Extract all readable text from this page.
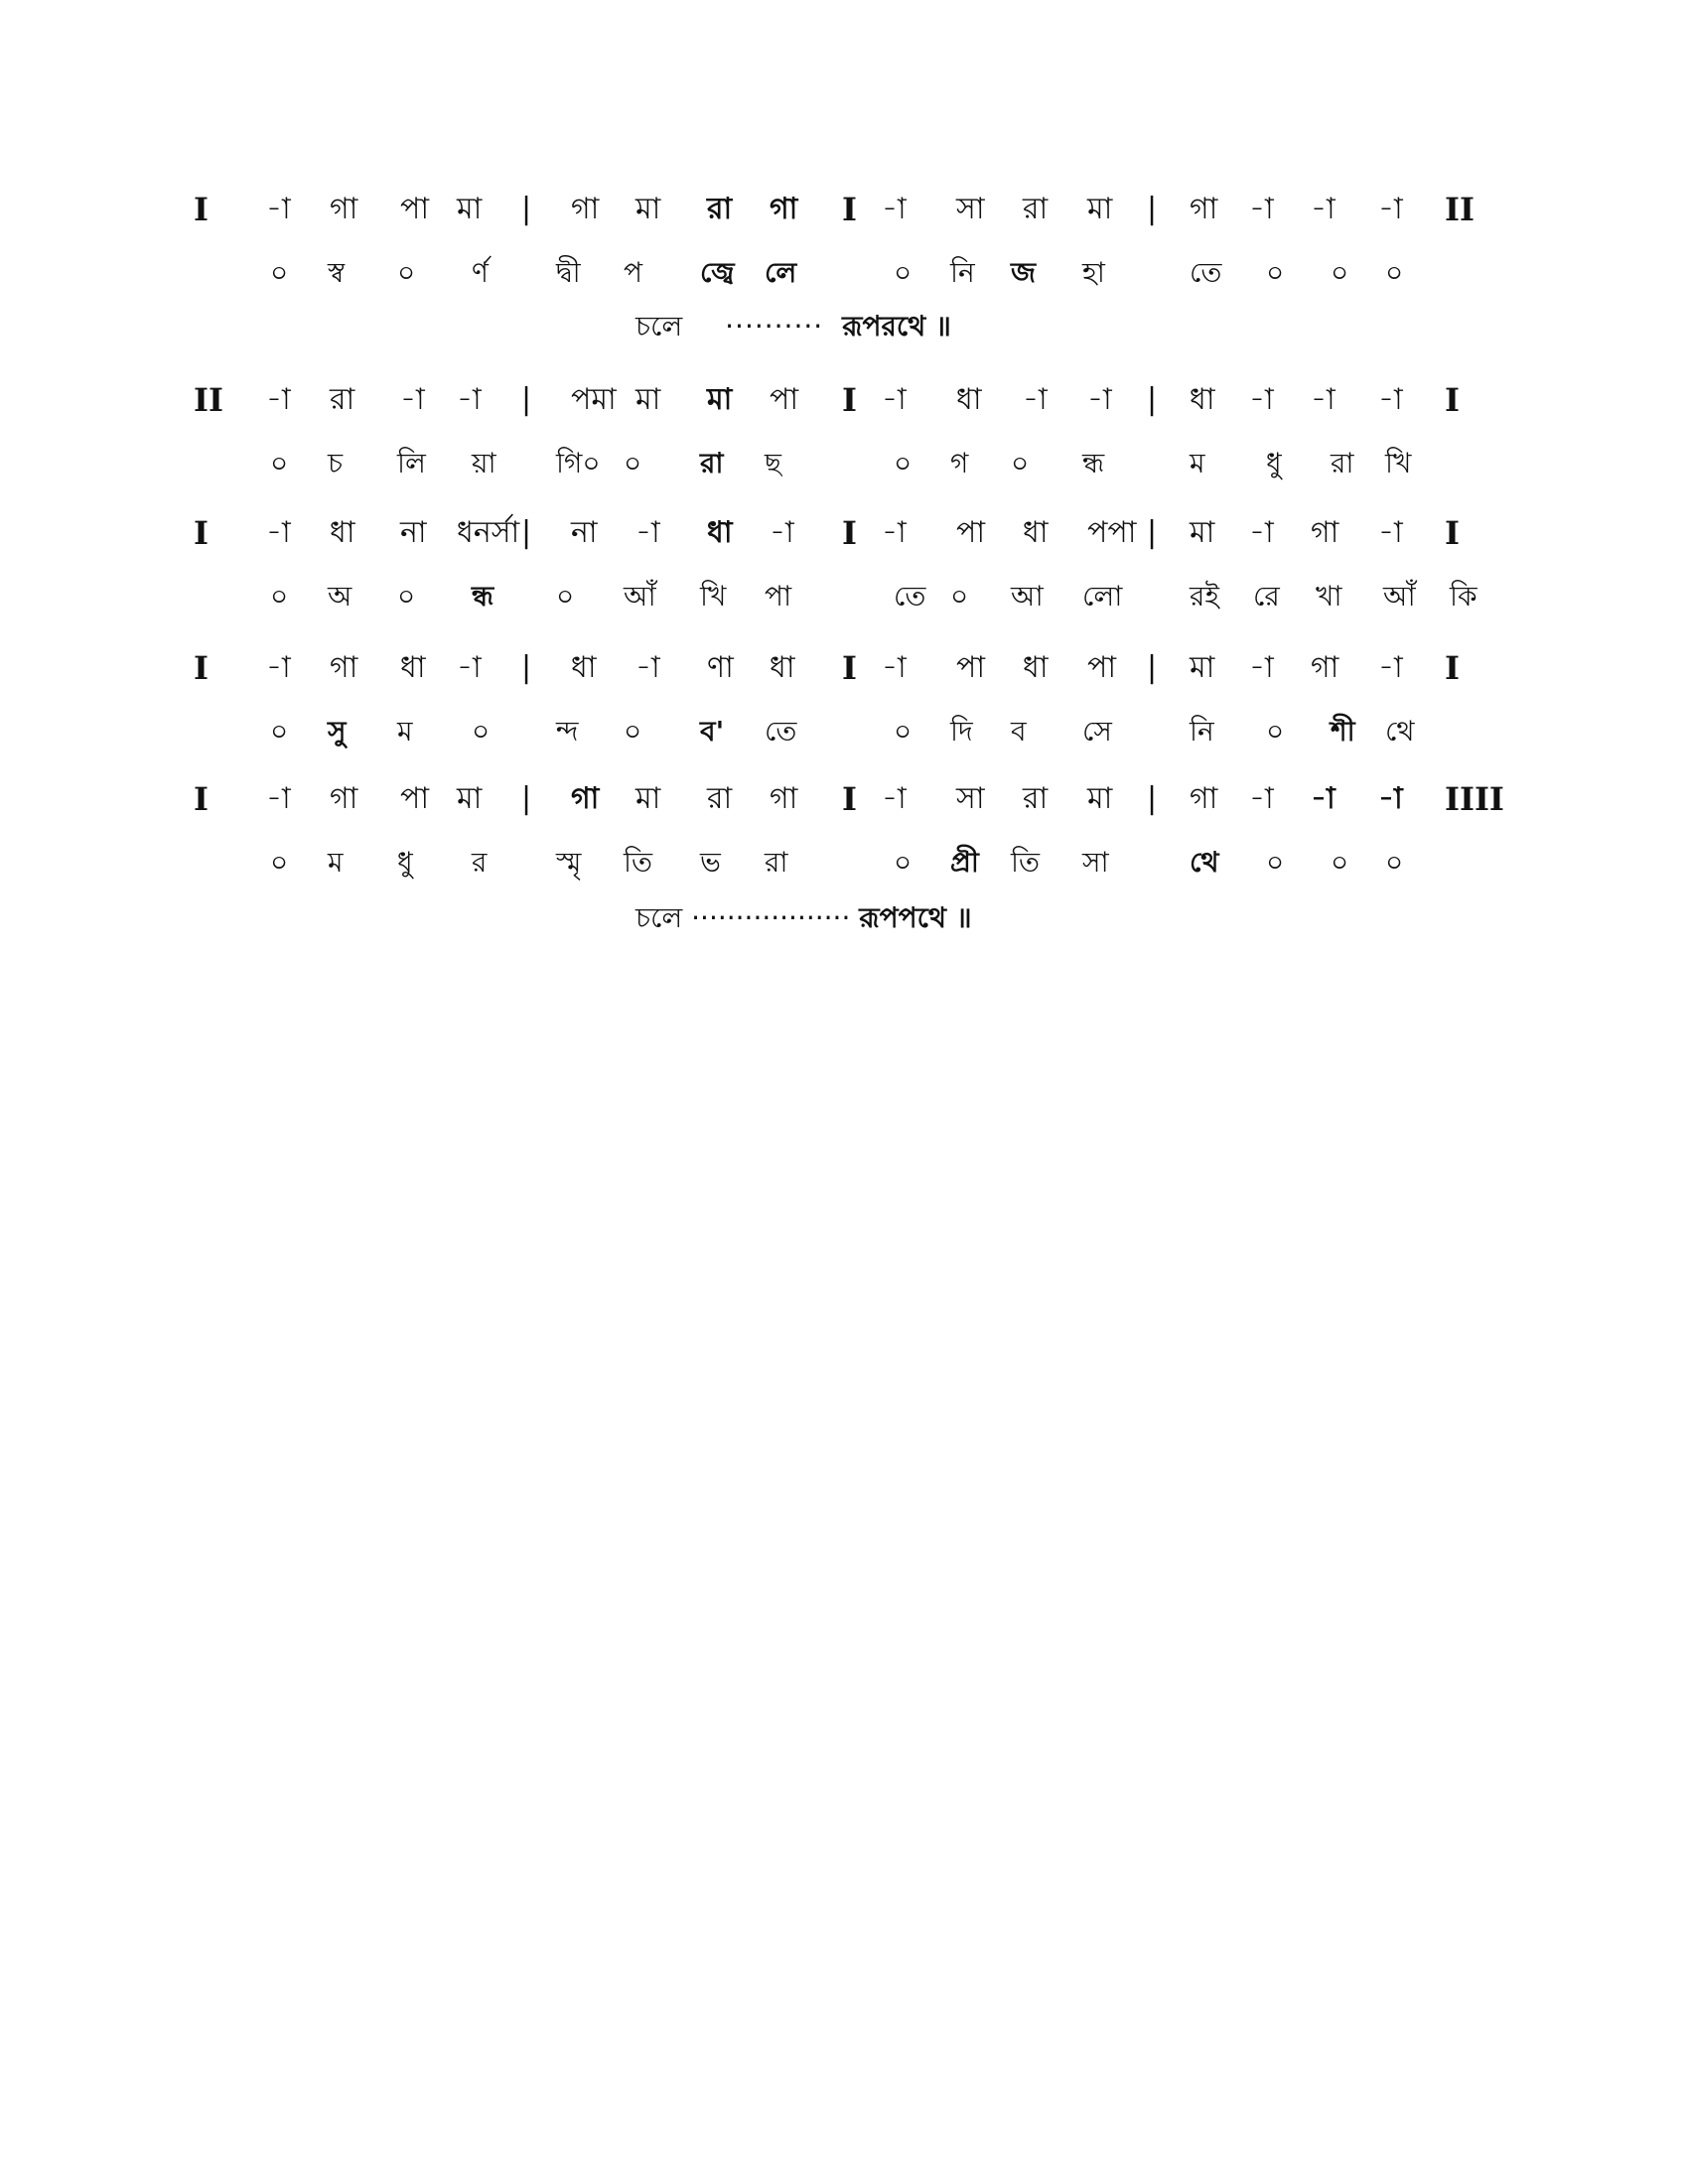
I -া গা পা মা | গা মা রা গা I -া সা রা মা | গা -া -া -া II
০ স্ব ০ র্ণ দ্বী প জ্বে লে	০ নি জ হা	তে ০ ০ ০
II -া রা -া -া | পমা মা মা পা I -া ধা -া -া | ধা -া -া -া I
০ চ লি য়া গি০ ০ রা ছ	০ গ ০ ন্ধ	ম ধু রা খি
I -া ধা না ধনর্সা | না -া ধা -া I -া পা ধা পপা | মা -া গা -া I
০ অ ০ ন্ধ ০ আঁ খি পা	তে ০ আ লো রই রে খা আঁ কি
I -া গা ধা -া | ধা -া ণা ধা I -া পা ধা পা | মা -া গা -া I
০ সু ম ০ ন্দ ০ ব' তে	০ দি ব সে	নি ০ শী থে
I -া গা পা মা | গা মা রা গা I -া সা রা মা | গা -া -া -া IIII
০ ম ধু র স্মৃ তি ভ রা	০ প্রী তি সা	থে ০ ০ ০
চলে ·········· রূপরথে ॥
চলে ·················· রূপপথে ॥
